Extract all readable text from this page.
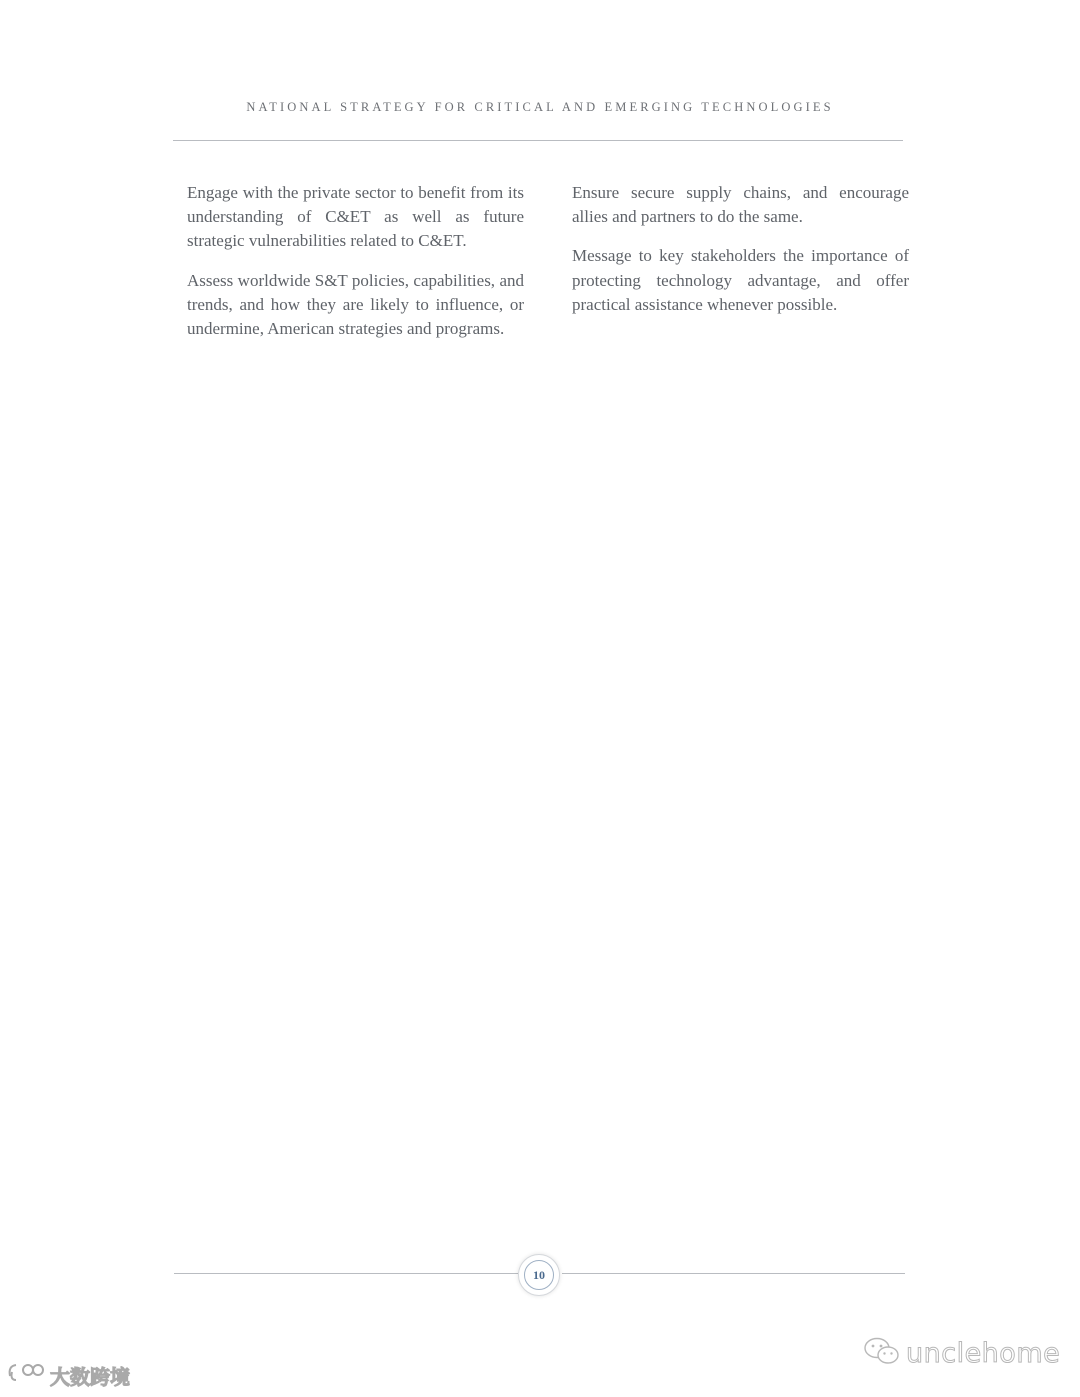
NATIONAL STRATEGY FOR CRITICAL AND EMERGING TECHNOLOGIES

Engage with the private sector to benefit from its understanding of C&ET as well as future strategic vulnerabilities related to C&ET.

Assess worldwide S&T policies, capabilities, and trends, and how they are likely to influence, or undermine, American strategies and programs.

Ensure secure supply chains, and encourage allies and partners to do the same.

Message to key stakeholders the importance of protecting technology advantage, and offer practical assistance whenever possible.

10
unclehome
大数跨境
